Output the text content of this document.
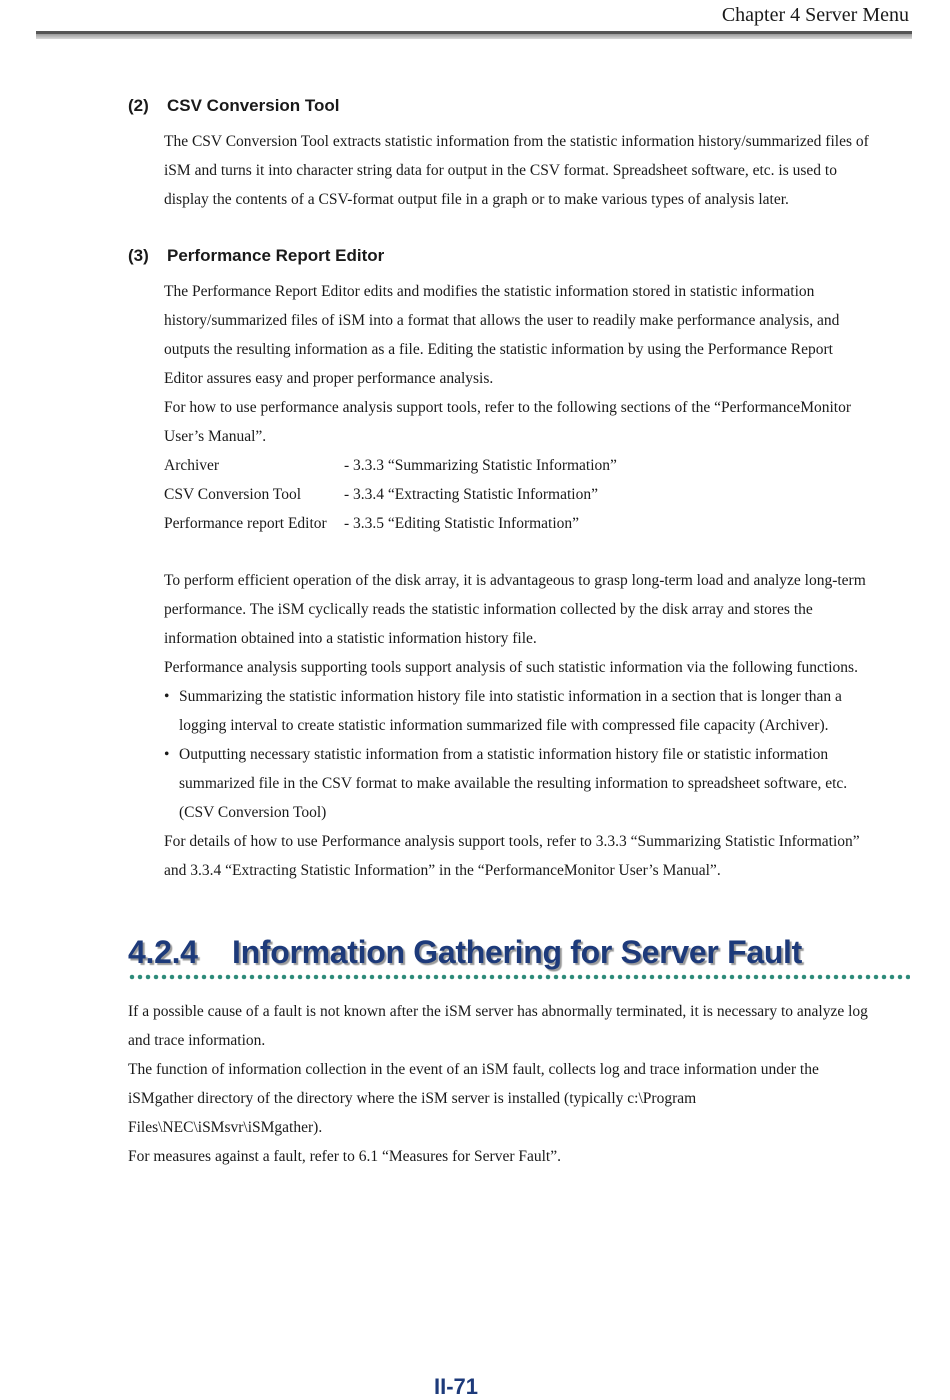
Chapter 4 Server Menu
(2) CSV Conversion Tool

The CSV Conversion Tool extracts statistic information from the statistic information history/summarized files of

iSM and turns it into character string data for output in the CSV format. Spreadsheet software, etc. is used to

display the contents of a CSV-format output file in a graph or to make various types of analysis later.

(3) Performance Report Editor

The Performance Report Editor edits and modifies the statistic information stored in statistic information

history/summarized files of iSM into a format that allows the user to readily make performance analysis, and

outputs the resulting information as a file. Editing the statistic information by using the Performance Report

Editor assures easy and proper performance analysis.

For how to use performance analysis support tools, refer to the following sections of the “PerformanceMonitor

User’s Manual”.

Archiver	- 3.3.3 “Summarizing Statistic Information”
CSV Conversion Tool	- 3.3.4 “Extracting Statistic Information”
Performance report Editor - 3.3.5 “Editing Statistic Information”

To perform efficient operation of the disk array, it is advantageous to grasp long-term load and analyze long-term

performance. The iSM cyclically reads the statistic information collected by the disk array and stores the

information obtained into a statistic information history file.

Performance analysis supporting tools support analysis of such statistic information via the following functions.

• Summarizing the statistic information history file into statistic information in a section that is longer than a

logging interval to create statistic information summarized file with compressed file capacity (Archiver).

• Outputting necessary statistic information from a statistic information history file or statistic information

summarized file in the CSV format to make available the resulting information to spreadsheet software, etc.

(CSV Conversion Tool)

For details of how to use Performance analysis support tools, refer to 3.3.3 “Summarizing Statistic Information”

and 3.3.4 “Extracting Statistic Information” in the “PerformanceMonitor User’s Manual”.

4.2.4 Information Gathering for Server Fault

If a possible cause of a fault is not known after the iSM server has abnormally terminated, it is necessary to analyze log

and trace information.

The function of information collection in the event of an iSM fault, collects log and trace information under the

iSMgather directory of the directory where the iSM server is installed (typically c:\Program

Files\NEC\iSMsvr\iSMgather).

For measures against a fault, refer to 6.1 “Measures for Server Fault”.

II-71
